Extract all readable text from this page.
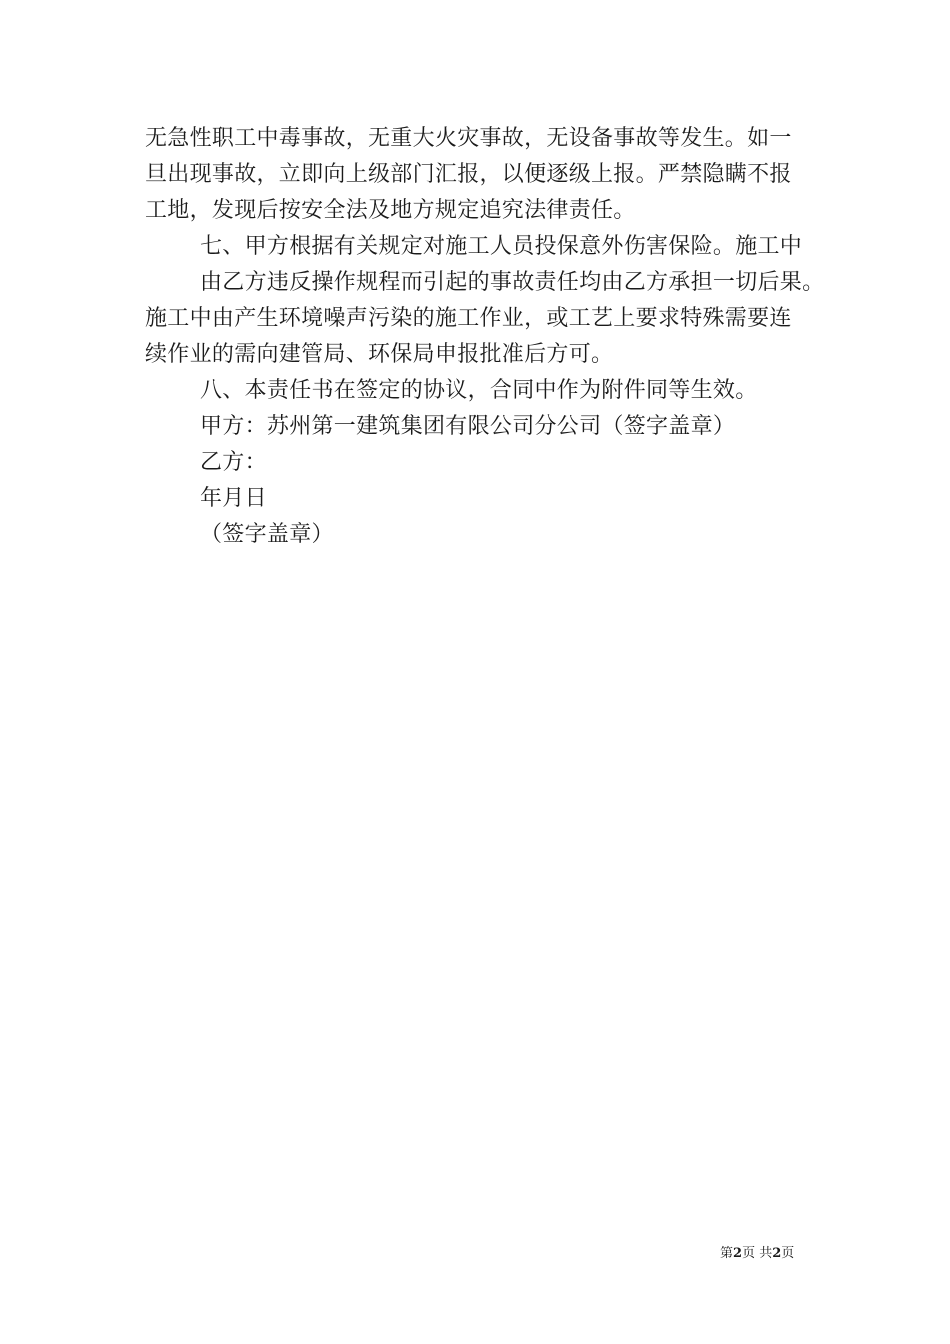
无急性职工中毒事故，无重大火灾事故，无设备事故等发生。如一
旦出现事故，立即向上级部门汇报，以便逐级上报。严禁隐瞒不报
工地，发现后按安全法及地方规定追究法律责任。
七、甲方根据有关规定对施工人员投保意外伤害保险。施工中
由乙方违反操作规程而引起的事故责任均由乙方承担一切后果。
施工中由产生环境噪声污染的施工作业，或工艺上要求特殊需要连
续作业的需向建管局、环保局申报批准后方可。
八、本责任书在签定的协议，合同中作为附件同等生效。
甲方：苏州第一建筑集团有限公司分公司（签字盖章）
乙方：
年月日
（签字盖章）
第2页 共2页
